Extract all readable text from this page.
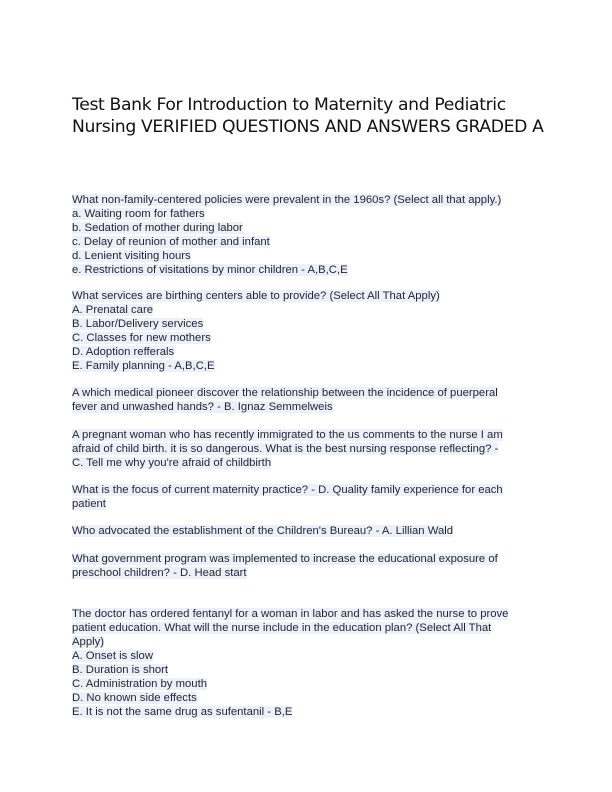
Test Bank For Introduction to Maternity and Pediatric
Nursing VERIFIED QUESTIONS AND ANSWERS GRADED A
What non-family-centered policies were prevalent in the 1960s? (Select all that apply.)
a. Waiting room for fathers
b. Sedation of mother during labor
c. Delay of reunion of mother and infant
d. Lenient visiting hours
e. Restrictions of visitations by minor children - A,B,C,E
What services are birthing centers able to provide? (Select All That Apply)
A. Prenatal care
B. Labor/Delivery services
C. Classes for new mothers
D. Adoption refferals
E. Family planning - A,B,C,E
A which medical pioneer discover the relationship between the incidence of puerperal
fever and unwashed hands? - B. Ignaz Semmelweis
A pregnant woman who has recently immigrated to the us comments to the nurse I am
afraid of child birth. it is so dangerous. What is the best nursing response reflecting? -
C. Tell me why you're afraid of childbirth
What is the focus of current maternity practice? - D. Quality family experience for each
patient
Who advocated the establishment of the Children's Bureau? - A. Lillian Wald
What government program was implemented to increase the educational exposure of
preschool children? - D. Head start
The doctor has ordered fentanyl for a woman in labor and has asked the nurse to prove
patient education. What will the nurse include in the education plan? (Select All That
Apply)
A. Onset is slow
B. Duration is short
C. Administration by mouth
D. No known side effects
E. It is not the same drug as sufentanil - B,E
